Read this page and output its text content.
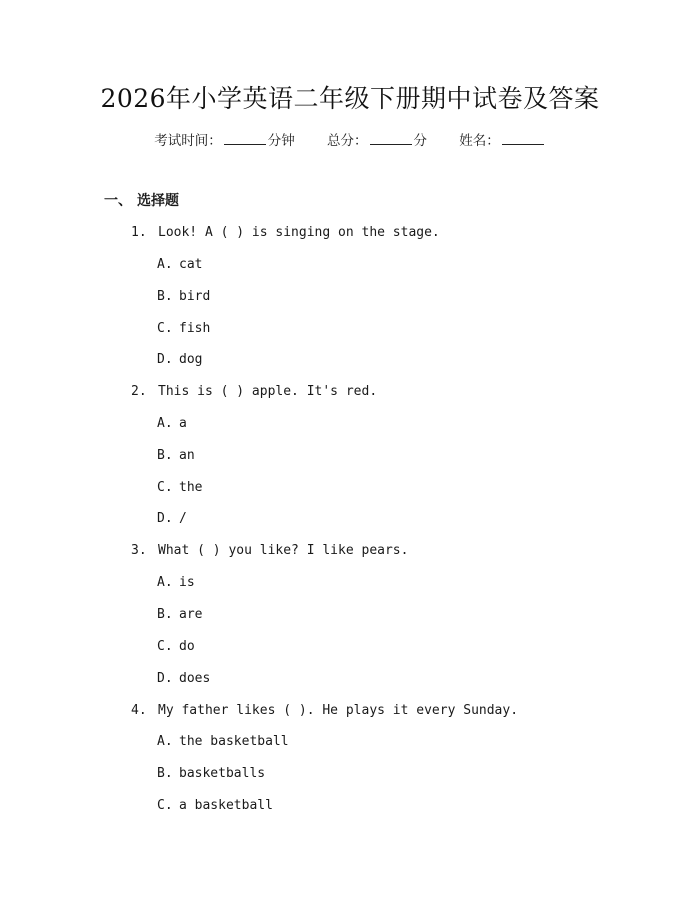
2026年小学英语二年级下册期中试卷及答案
考试时间：	分钟 总分：	分 姓名：
一、 选择题
1. Look! A ( ) is singing on the stage.
A. cat
B. bird
C. fish
D. dog
2. This is ( ) apple. It's red.
A. a
B. an
C. the
D. /
3. What ( ) you like? I like pears.
A. is
B. are
C. do
D. does
4. My father likes ( ). He plays it every Sunday.
A. the basketball
B. basketballs
C. a basketball
